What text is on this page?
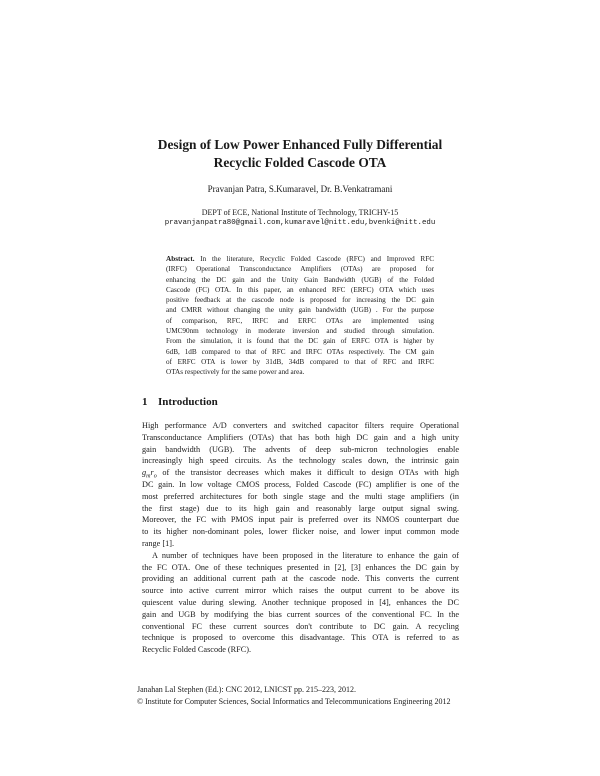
Design of Low Power Enhanced Fully Differential
Recyclic Folded Cascode OTA
Pravanjan Patra, S.Kumaravel, Dr. B.Venkatramani
DEPT of ECE, National Institute of Technology, TRICHY-15
pravanjanpatra80@gmail.com,kumaravel@nitt.edu,bvenki@nitt.edu
Abstract. In the literature, Recyclic Folded Cascode (RFC) and Improved RFC
(IRFC) Operational Transconductance Amplifiers (OTAs) are proposed for
enhancing the DC gain and the Unity Gain Bandwidth (UGB) of the Folded
Cascode (FC) OTA. In this paper, an enhanced RFC (ERFC) OTA which uses
positive feedback at the cascode node is proposed for increasing the DC gain
and CMRR without changing the unity gain bandwidth (UGB) . For the purpose
of comparison, RFC, IRFC and ERFC OTAs are implemented using
UMC90nm technology in moderate inversion and studied through simulation.
From the simulation, it is found that the DC gain of ERFC OTA is higher by
6dB, 1dB compared to that of RFC and IRFC OTAs respectively. The CM gain
of ERFC OTA is lower by 31dB, 34dB compared to that of RFC and IRFC
OTAs respectively for the same power and area.
1 Introduction
High performance A/D converters and switched capacitor filters require Operational
Transconductance Amplifiers (OTAs) that has both high DC gain and a high unity
gain bandwidth (UGB). The advents of deep sub-micron technologies enable
increasingly high speed circuits. As the technology scales down, the intrinsic gain
$g_mr_o$ of the transistor decreases which makes it difficult to design OTAs with high
DC gain. In low voltage CMOS process, Folded Cascode (FC) amplifier is one of the
most preferred architectures for both single stage and the multi stage amplifiers (in
the first stage) due to its high gain and reasonably large output signal swing.
Moreover, the FC with PMOS input pair is preferred over its NMOS counterpart due
to its higher non-dominant poles, lower flicker noise, and lower input common mode
range [1].
A number of techniques have been proposed in the literature to enhance the gain of
the FC OTA. One of these techniques presented in [2], [3] enhances the DC gain by
providing an additional current path at the cascode node. This converts the current
source into active current mirror which raises the output current to be above its
quiescent value during slewing. Another technique proposed in [4], enhances the DC
gain and UGB by modifying the bias current sources of the conventional FC. In the
conventional FC these current sources don't contribute to DC gain. A recycling
technique is proposed to overcome this disadvantage. This OTA is referred to as
Recyclic Folded Cascode (RFC).
Janahan Lal Stephen (Ed.): CNC 2012, LNICST pp. 215–223, 2012.
© Institute for Computer Sciences, Social Informatics and Telecommunications Engineering 2012
